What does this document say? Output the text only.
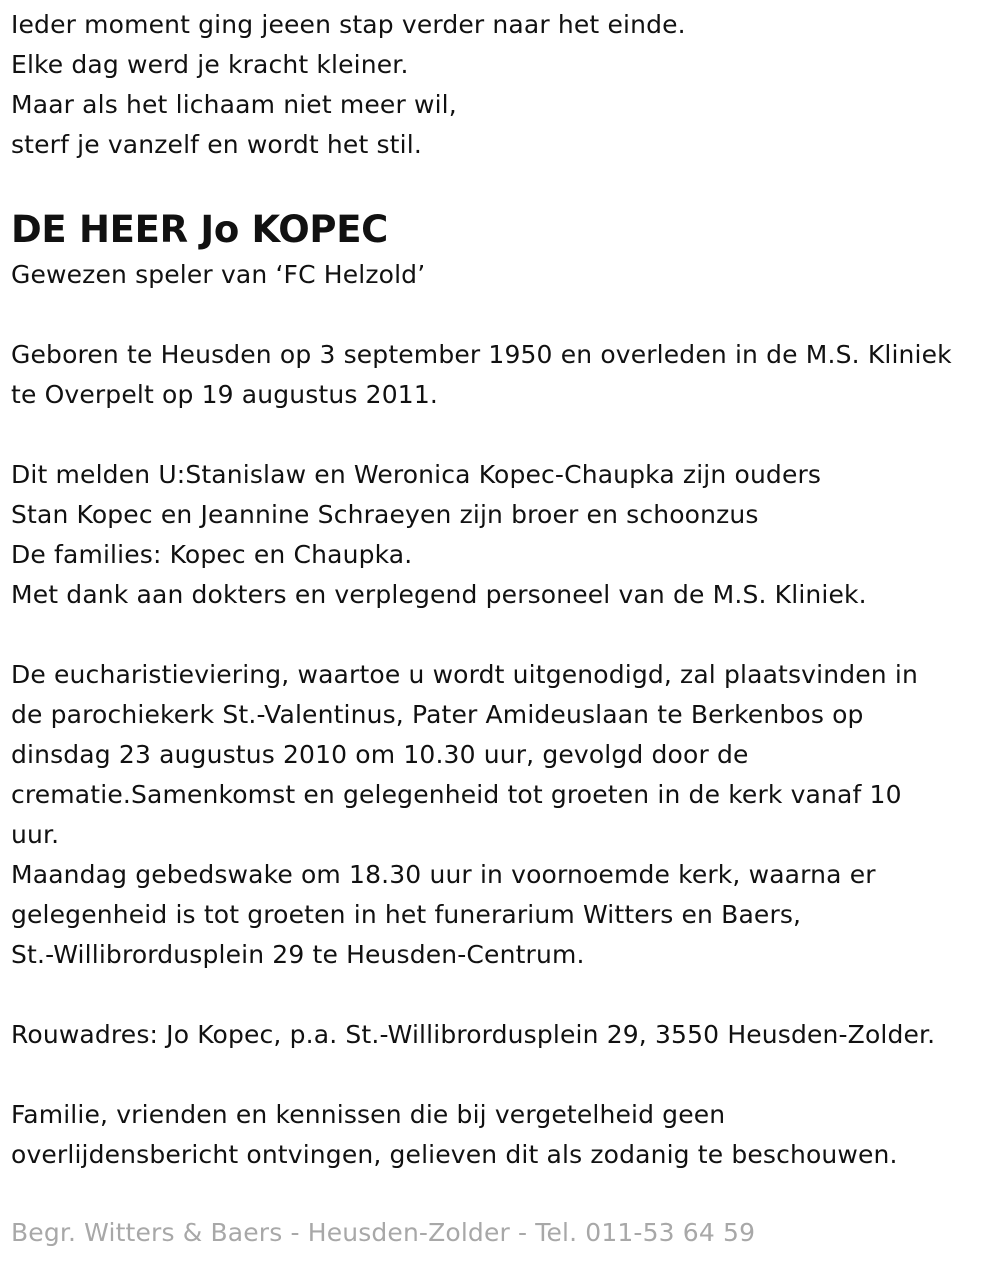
Ieder moment ging jeeen stap verder naar het einde.
Elke dag werd je kracht kleiner.
Maar als het lichaam niet meer wil,
sterf je vanzelf en wordt het stil.
DE HEER Jo KOPEC
Gewezen speler van ‘FC Helzold’
Geboren te Heusden op 3 september 1950 en overleden in de M.S. Kliniek
te Overpelt op 19 augustus 2011.
Dit melden U:Stanislaw en Weronica Kopec-Chaupka zijn ouders
Stan Kopec en Jeannine Schraeyen zijn broer en schoonzus
De families: Kopec en Chaupka.
Met dank aan dokters en verplegend personeel van de M.S. Kliniek.
De eucharistieviering, waartoe u wordt uitgenodigd, zal plaatsvinden in
de parochiekerk St.-Valentinus, Pater Amideuslaan te Berkenbos op
dinsdag 23 augustus 2010 om 10.30 uur, gevolgd door de
crematie.Samenkomst en gelegenheid tot groeten in de kerk vanaf 10
uur.
Maandag gebedswake om 18.30 uur in voornoemde kerk, waarna er
gelegenheid is tot groeten in het funerarium Witters en Baers,
St.-Willibrordusplein 29 te Heusden-Centrum.
Rouwadres: Jo Kopec, p.a. St.-Willibrordusplein 29, 3550 Heusden-Zolder.
Familie, vrienden en kennissen die bij vergetelheid geen
overlijdensbericht ontvingen, gelieven dit als zodanig te beschouwen.
Begr. Witters & Baers - Heusden-Zolder - Tel. 011-53 64 59
